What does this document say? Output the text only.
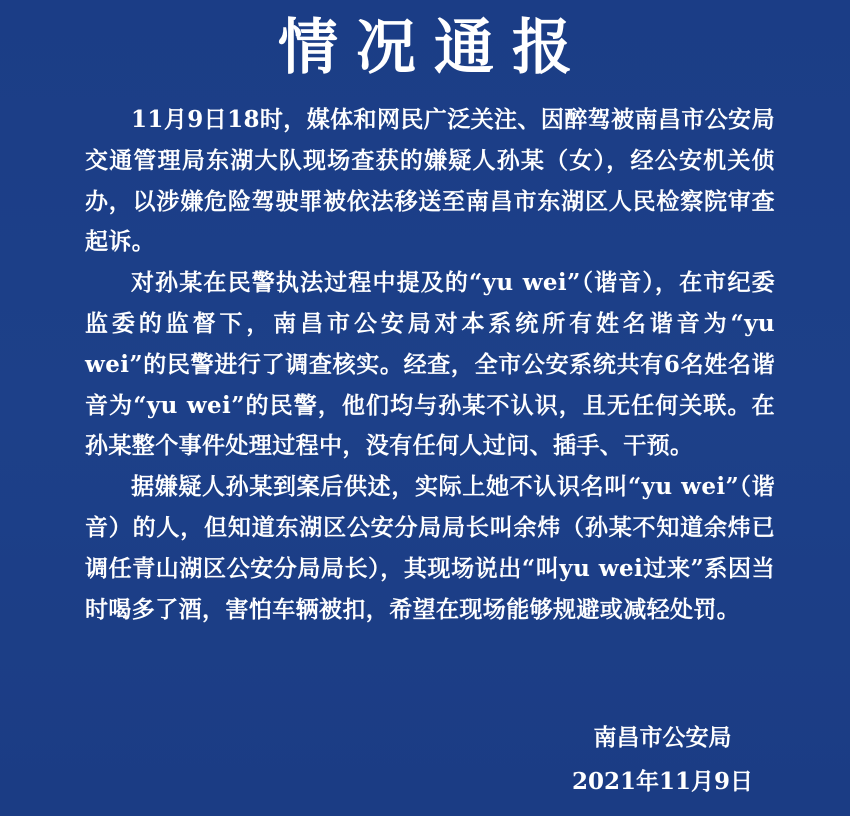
情况通报

11月9日18时，媒体和网民广泛关注、因醉驾被南昌市公安局交通管理局东湖大队现场查获的嫌疑人孙某（女），经公安机关侦办，以涉嫌危险驾驶罪被依法移送至南昌市东湖区人民检察院审查起诉。

对孙某在民警执法过程中提及的“yu wei”（谐音），在市纪委监委的监督下，南昌市公安局对本系统所有姓名谐音为“yu wei”的民警进行了调查核实。经查，全市公安系统共有6名姓名谐音为“yu wei”的民警，他们均与孙某不认识，且无任何关联。在孙某整个事件处理过程中，没有任何人过问、插手、干预。

据嫌疑人孙某到案后供述，实际上她不认识名叫“yu wei”（谐音）的人，但知道东湖区公安分局局长叫余炜（孙某不知道余炜已调任青山湖区公安分局局长），其现场说出“叫yu wei过来”系因当时喝多了酒，害怕车辆被扣，希望在现场能够规避或减轻处罚。

南昌市公安局
2021年11月9日
